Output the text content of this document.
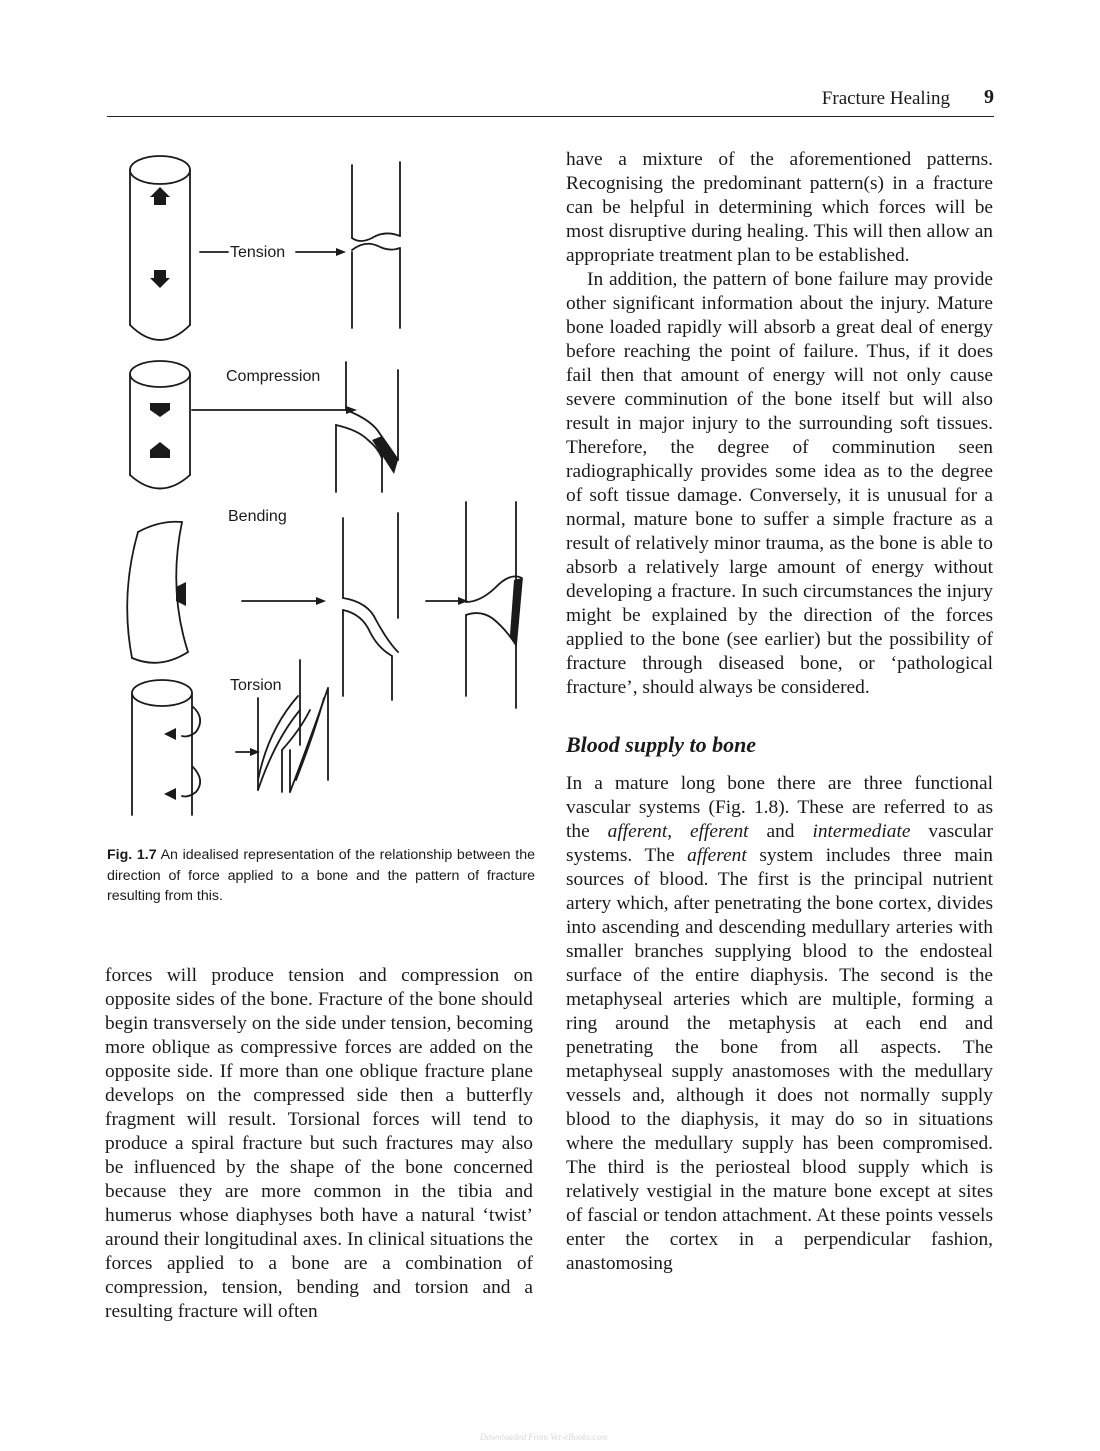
Fracture Healing 9
Tension
Compression
Bending
Torsion
Fig. 1.7 An idealised representation of the relationship between the direction of force applied to a bone and the pattern of fracture resulting from this.

forces will produce tension and compression on opposite sides of the bone. Fracture of the bone should begin transversely on the side under tension, becoming more oblique as compressive forces are added on the opposite side. If more than one oblique fracture plane develops on the compressed side then a butterfly fragment will result. Torsional forces will tend to produce a spiral fracture but such fractures may also be influenced by the shape of the bone concerned because they are more common in the tibia and humerus whose diaphyses both have a natural ‘twist’ around their longitudinal axes. In clinical situations the forces applied to a bone are a combination of compression, tension, bending and torsion and a resulting fracture will often

have a mixture of the aforementioned patterns. Recognising the predominant pattern(s) in a fracture can be helpful in determining which forces will be most disruptive during healing. This will then allow an appropriate treatment plan to be established.

In addition, the pattern of bone failure may provide other significant information about the injury. Mature bone loaded rapidly will absorb a great deal of energy before reaching the point of failure. Thus, if it does fail then that amount of energy will not only cause severe comminution of the bone itself but will also result in major injury to the surrounding soft tissues. Therefore, the degree of comminution seen radiographically provides some idea as to the degree of soft tissue damage. Conversely, it is unusual for a normal, mature bone to suffer a simple fracture as a result of relatively minor trauma, as the bone is able to absorb a relatively large amount of energy without developing a fracture. In such circumstances the injury might be explained by the direction of the forces applied to the bone (see earlier) but the possibility of fracture through diseased bone, or ‘pathological fracture’, should always be considered.

Blood supply to bone

In a mature long bone there are three functional vascular systems (Fig. 1.8). These are referred to as the afferent, efferent and intermediate vascular systems. The afferent system includes three main sources of blood. The first is the principal nutrient artery which, after penetrating the bone cortex, divides into ascending and descending medullary arteries with smaller branches supplying blood to the endosteal surface of the entire diaphysis. The second is the metaphyseal arteries which are multiple, forming a ring around the metaphysis at each end and penetrating the bone from all aspects. The metaphyseal supply anastomoses with the medullary vessels and, although it does not normally supply blood to the diaphysis, it may do so in situations where the medullary supply has been compromised. The third is the periosteal blood supply which is relatively vestigial in the mature bone except at sites of fascial or tendon attachment. At these points vessels enter the cortex in a perpendicular fashion, anastomosing

Downloaded From Vet-eBooks.com
